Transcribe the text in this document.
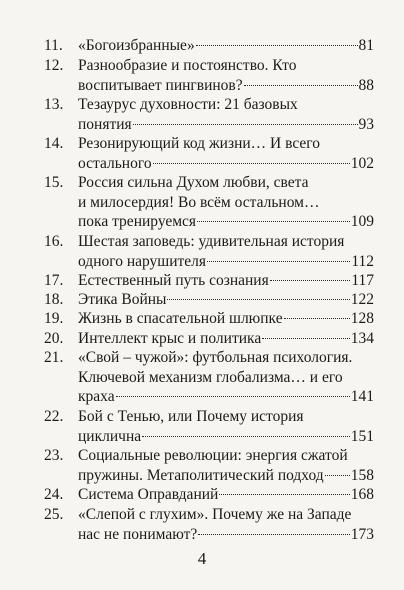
11. «Богоизбранные»	81
12. Разнообразие и постоянство. Кто
воспитывает пингвинов?	88
13. Тезаурус духовности: 21 базовых
понятия	93
14. Резонирующий код жизни… И всего
остального	102
15. Россия сильна Духом любви, света
и милосердия! Во всём остальном…
пока тренируемся	109
16. Шестая заповедь: удивительная история
одного нарушителя	112
17. Естественный путь сознания	117
18. Этика Войны	122
19. Жизнь в спасательной шлюпке	128
20. Интеллект крыс и политика	134
21. «Свой – чужой»: футбольная психология.
Ключевой механизм глобализма… и его
краха	141
22. Бой с Тенью, или Почему история
циклична	151
23. Социальные революции: энергия сжатой
пружины. Метаполитический подход 158
24. Система Оправданий	168
25. «Слепой с глухим». Почему же на Западе
нас не понимают?	173
4
